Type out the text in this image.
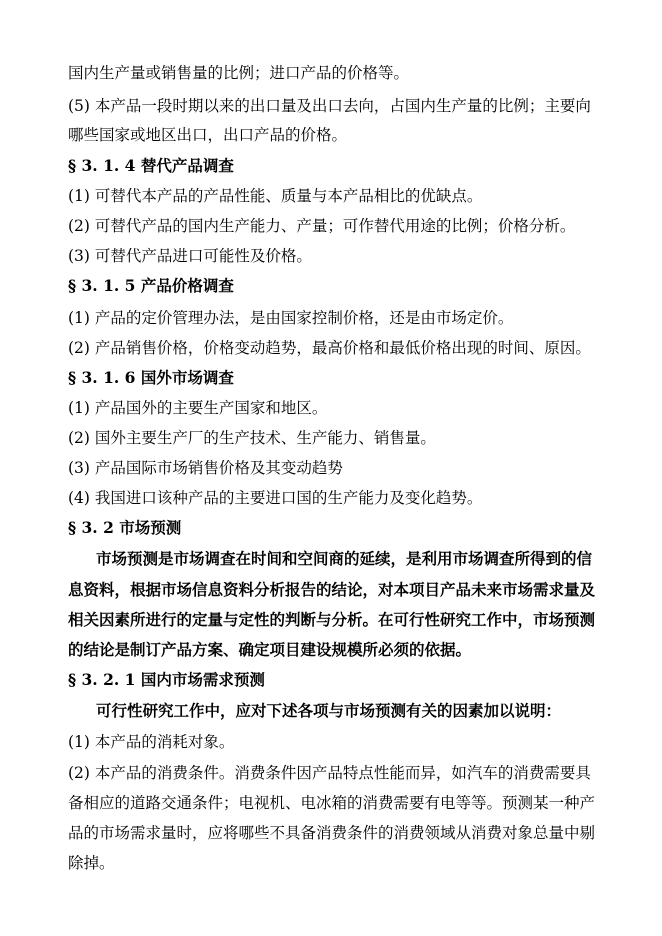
国内生产量或销售量的比例；进口产品的价格等。
(5) 本产品一段时期以来的出口量及出口去向，占国内生产量的比例；主要向
哪些国家或地区出口，出口产品的价格。
§ 3. 1. 4 替代产品调查
(1) 可替代本产品的产品性能、质量与本产品相比的优缺点。
(2) 可替代产品的国内生产能力、产量；可作替代用途的比例；价格分析。
(3) 可替代产品进口可能性及价格。
§ 3. 1. 5 产品价格调查
(1) 产品的定价管理办法，是由国家控制价格，还是由市场定价。
(2) 产品销售价格，价格变动趋势，最高价格和最低价格出现的时间、原因。
§ 3. 1. 6 国外市场调查
(1) 产品国外的主要生产国家和地区。
(2) 国外主要生产厂的生产技术、生产能力、销售量。
(3) 产品国际市场销售价格及其变动趋势
(4) 我国进口该种产品的主要进口国的生产能力及变化趋势。
§ 3. 2 市场预测
市场预测是市场调查在时间和空间商的延续，是利用市场调查所得到的信
息资料，根据市场信息资料分析报告的结论，对本项目产品未来市场需求量及
相关因素所进行的定量与定性的判断与分析。在可行性研究工作中，市场预测
的结论是制订产品方案、确定项目建设规模所必须的依据。
§ 3. 2. 1 国内市场需求预测
可行性研究工作中，应对下述各项与市场预测有关的因素加以说明：
(1) 本产品的消耗对象。
(2) 本产品的消费条件。消费条件因产品特点性能而异，如汽车的消费需要具
备相应的道路交通条件；电视机、电冰箱的消费需要有电等等。预测某一种产
品的市场需求量时，应将哪些不具备消费条件的消费领域从消费对象总量中剔
除掉。
